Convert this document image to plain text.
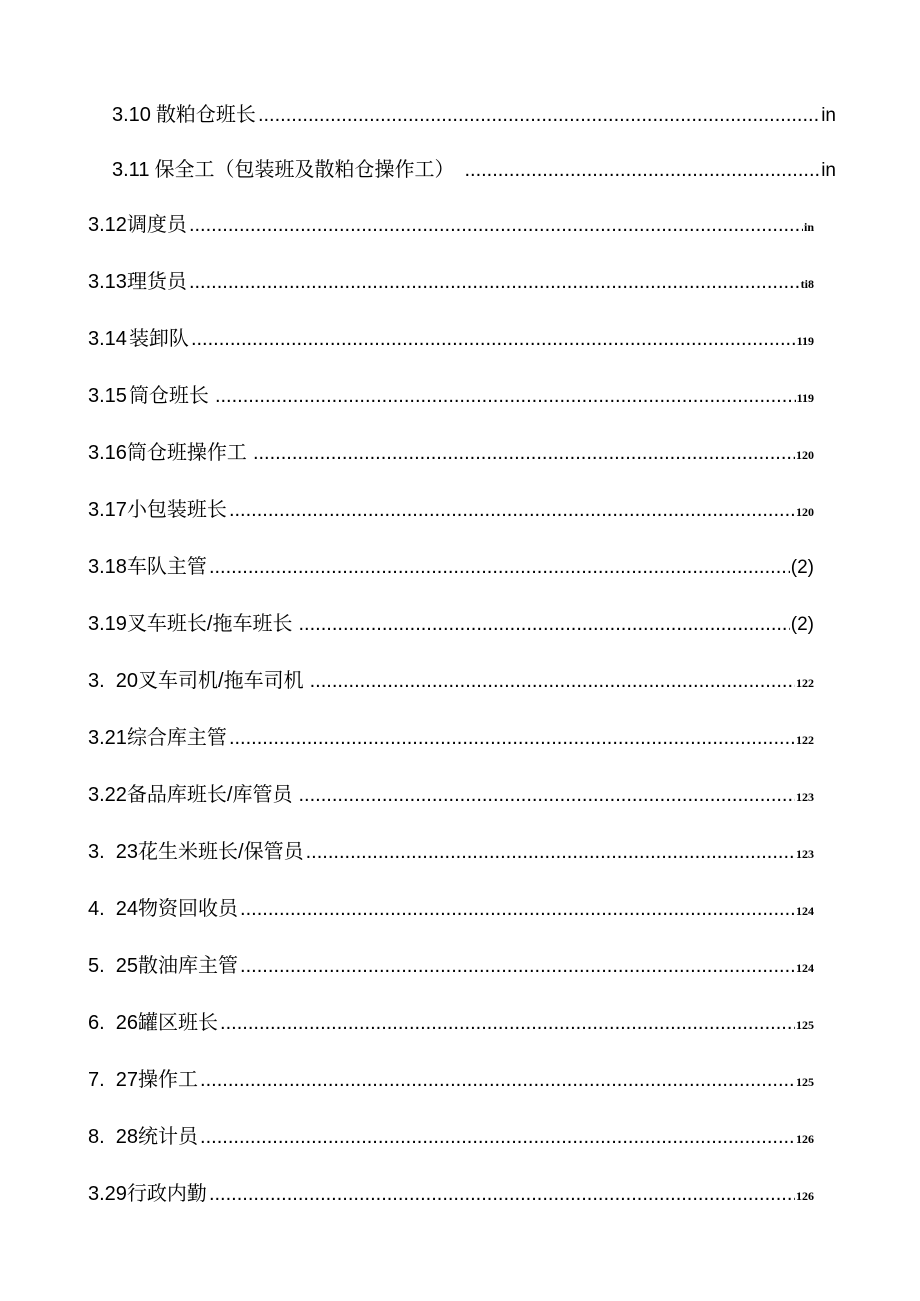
3.10 散粕仓班长 .....	in
3.11 保全工（包装班及散粕仓操作工） .....	in
3.12 调度员 .....	in
3.13 理货员 .....	ti8
3.14 装卸队 .....	119
3.15 筒仓班长 .....	119
3.16 筒仓班操作工 .....	120
3.17 小包装班长 .....	120
3.18 车队主管 .....	(2)
3.19 叉车班长/拖车班长 .....	(2)
3.  20 叉车司机/拖车司机 .....	122
3.21 综合库主管 .....	122
3.22 备品库班长/库管员 .....	123
3.  23 花生米班长/保管员 .....	123
4.  24 物资回收员 .....	124
5.  25 散油库主管 .....	124
6.  26 罐区班长 .....	125
7.  27 操作工 .....	125
8.  28 统计员 .....	126
3.29 行政内勤 .....	126
